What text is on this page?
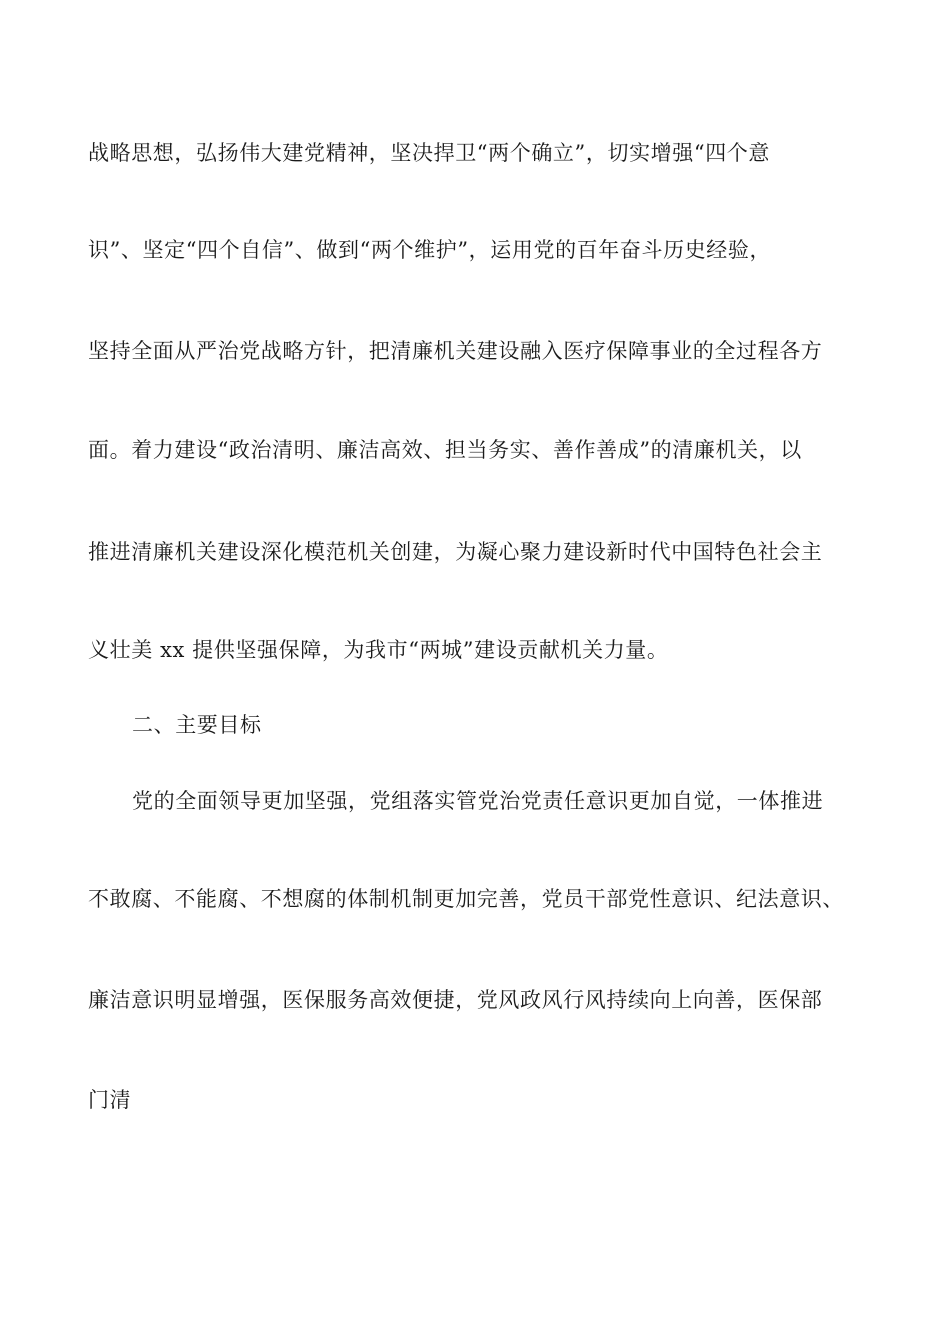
战略思想，弘扬伟大建党精神，坚决捍卫“两个确立”，切实增强“四个意
识”、坚定“四个自信”、做到“两个维护”，运用党的百年奋斗历史经验，
坚持全面从严治党战略方针，把清廉机关建设融入医疗保障事业的全过程各方
面。着力建设“政治清明、廉洁高效、担当务实、善作善成”的清廉机关，以
推进清廉机关建设深化模范机关创建，为凝心聚力建设新时代中国特色社会主
义壮美 xx 提供坚强保障，为我市“两城”建设贡献机关力量。
二、主要目标
党的全面领导更加坚强，党组落实管党治党责任意识更加自觉，一体推进
不敢腐、不能腐、不想腐的体制机制更加完善，党员干部党性意识、纪法意识、
廉洁意识明显增强，医保服务高效便捷，党风政风行风持续向上向善，医保部
门清
